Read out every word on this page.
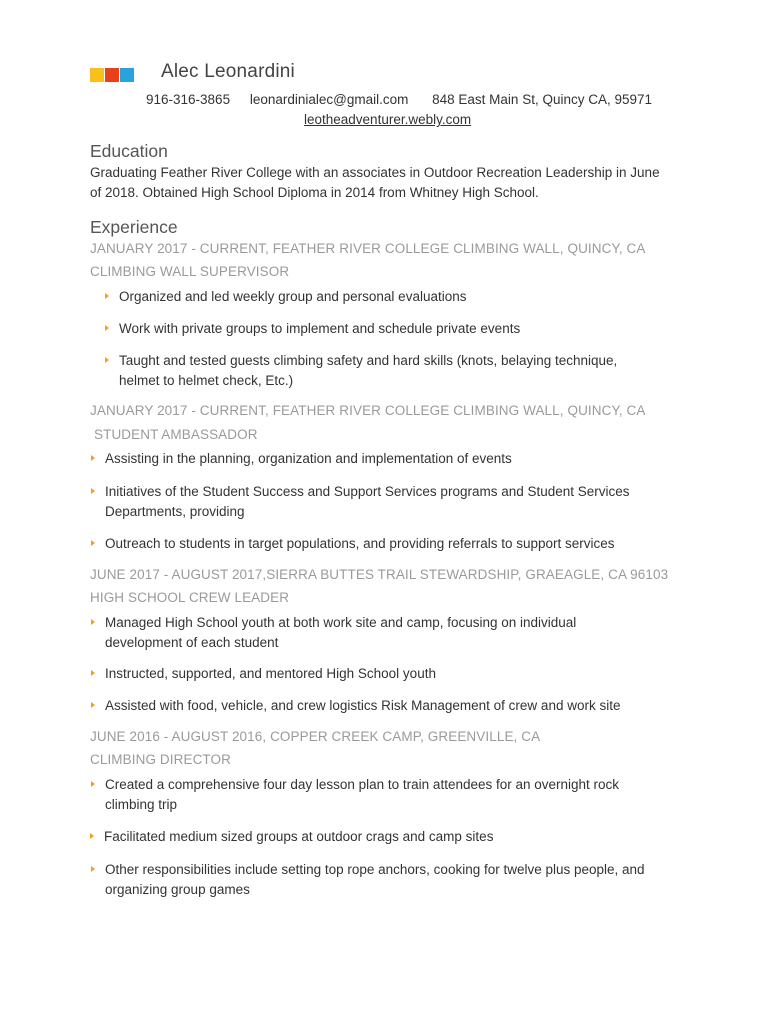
Alec Leonardini
916-316-3865 leonardinialec@gmail.com 848 East Main St, Quincy CA, 95971
leotheadventurer.webly.com
Education
Graduating Feather River College with an associates in Outdoor Recreation Leadership in June of 2018. Obtained High School Diploma in 2014 from Whitney High School.
Experience
JANUARY 2017 - CURRENT, FEATHER RIVER COLLEGE CLIMBING WALL, QUINCY, CA
CLIMBING WALL SUPERVISOR
Organized and led weekly group and personal evaluations
Work with private groups to implement and schedule private events
Taught and tested guests climbing safety and hard skills (knots, belaying technique, helmet to helmet check, Etc.)
JANUARY 2017 - CURRENT, FEATHER RIVER COLLEGE CLIMBING WALL, QUINCY, CA
STUDENT AMBASSADOR
Assisting in the planning, organization and implementation of events
Initiatives of the Student Success and Support Services programs and Student Services Departments, providing
Outreach to students in target populations, and providing referrals to support services
JUNE 2017 - AUGUST 2017,SIERRA BUTTES TRAIL STEWARDSHIP, GRAEAGLE, CA 96103
HIGH SCHOOL CREW LEADER
Managed High School youth at both work site and camp, focusing on individual development of each student
Instructed, supported, and mentored High School youth
Assisted with food, vehicle, and crew logistics Risk Management of crew and work site
JUNE 2016 - AUGUST 2016, COPPER CREEK CAMP, GREENVILLE, CA
CLIMBING DIRECTOR
Created a comprehensive four day lesson plan to train attendees for an overnight rock climbing trip
Facilitated medium sized groups at outdoor crags and camp sites
Other responsibilities include setting top rope anchors, cooking for twelve plus people, and organizing group games
